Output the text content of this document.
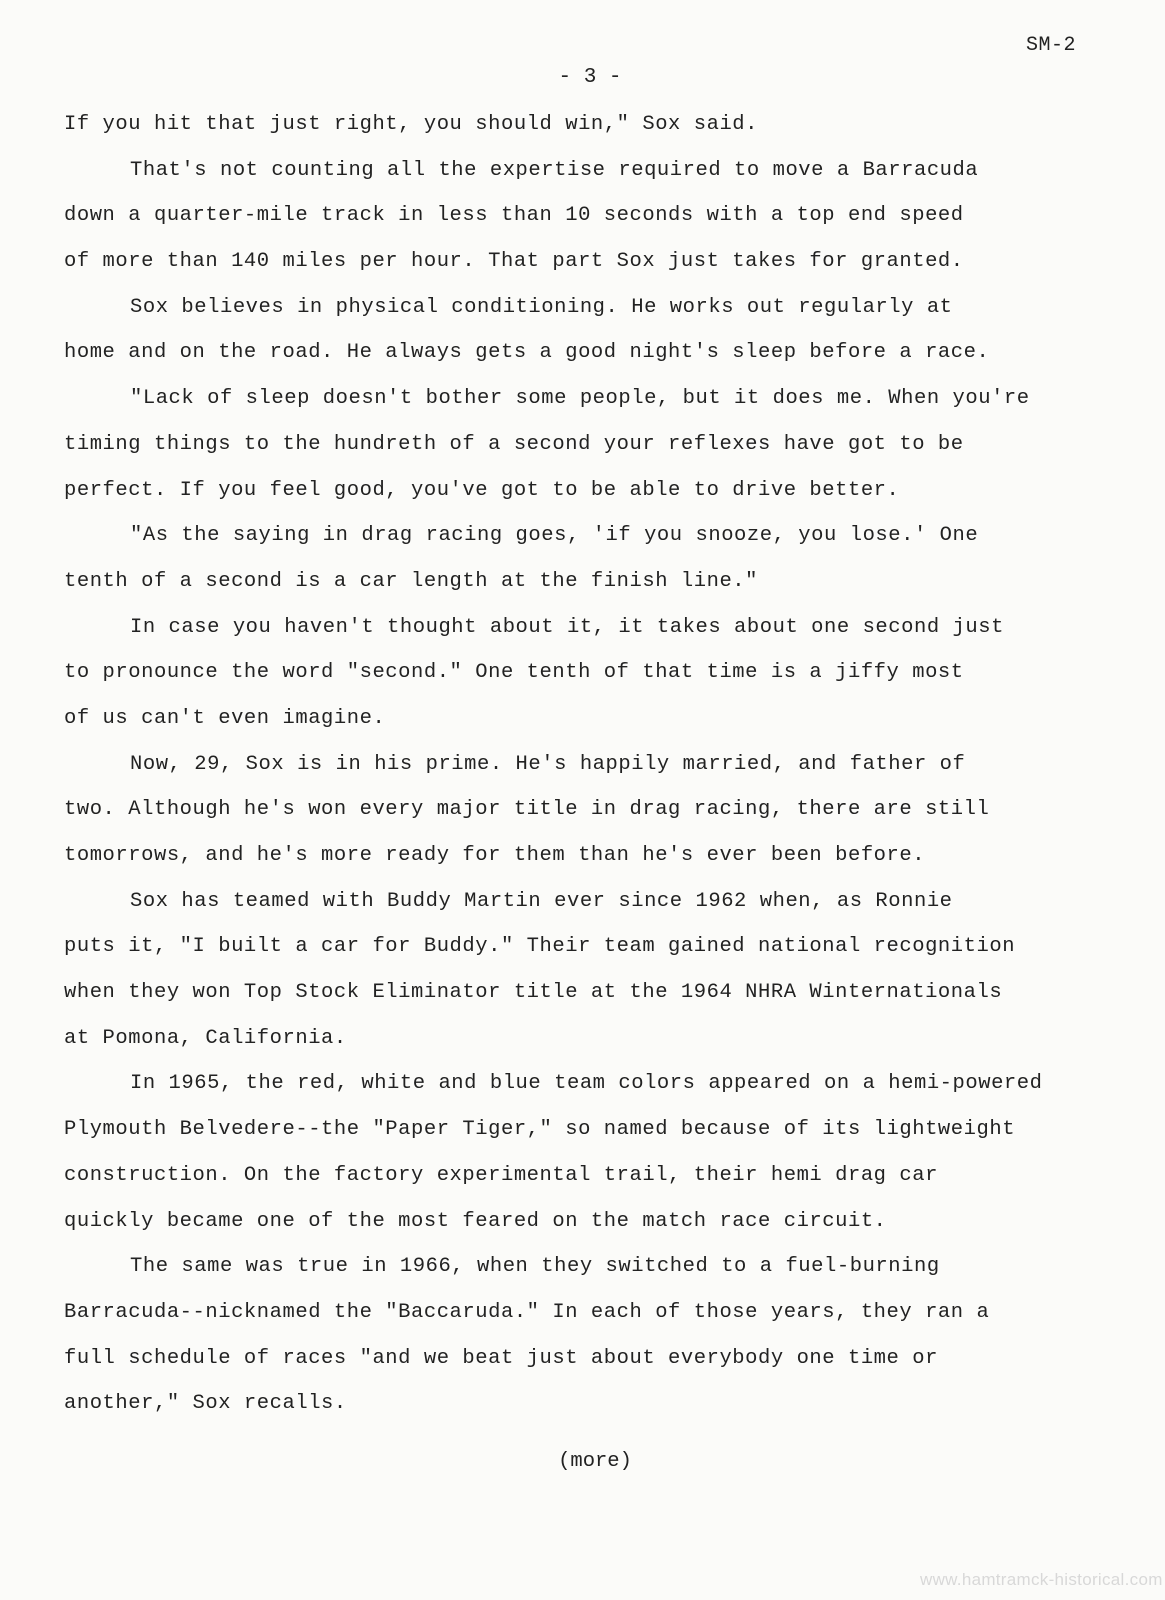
SM-2
- 3 -
If you hit that just right, you should win," Sox said.
That's not counting all the expertise required to move a Barracuda
down a quarter-mile track in less than 10 seconds with a top end speed
of more than 140 miles per hour. That part Sox just takes for granted.
Sox believes in physical conditioning. He works out regularly at
home and on the road. He always gets a good night's sleep before a race.
"Lack of sleep doesn't bother some people, but it does me. When you're
timing things to the hundreth of a second your reflexes have got to be
perfect. If you feel good, you've got to be able to drive better.
"As the saying in drag racing goes, 'if you snooze, you lose.' One
tenth of a second is a car length at the finish line."
In case you haven't thought about it, it takes about one second just
to pronounce the word "second." One tenth of that time is a jiffy most
of us can't even imagine.
Now, 29, Sox is in his prime. He's happily married, and father of
two. Although he's won every major title in drag racing, there are still
tomorrows, and he's more ready for them than he's ever been before.
Sox has teamed with Buddy Martin ever since 1962 when, as Ronnie
puts it, "I built a car for Buddy." Their team gained national recognition
when they won Top Stock Eliminator title at the 1964 NHRA Winternationals
at Pomona, California.
In 1965, the red, white and blue team colors appeared on a hemi-powered
Plymouth Belvedere--the "Paper Tiger," so named because of its lightweight
construction. On the factory experimental trail, their hemi drag car
quickly became one of the most feared on the match race circuit.
The same was true in 1966, when they switched to a fuel-burning
Barracuda--nicknamed the "Baccaruda." In each of those years, they ran a
full schedule of races "and we beat just about everybody one time or
another," Sox recalls.
(more)
www.hamtramck-historical.com
